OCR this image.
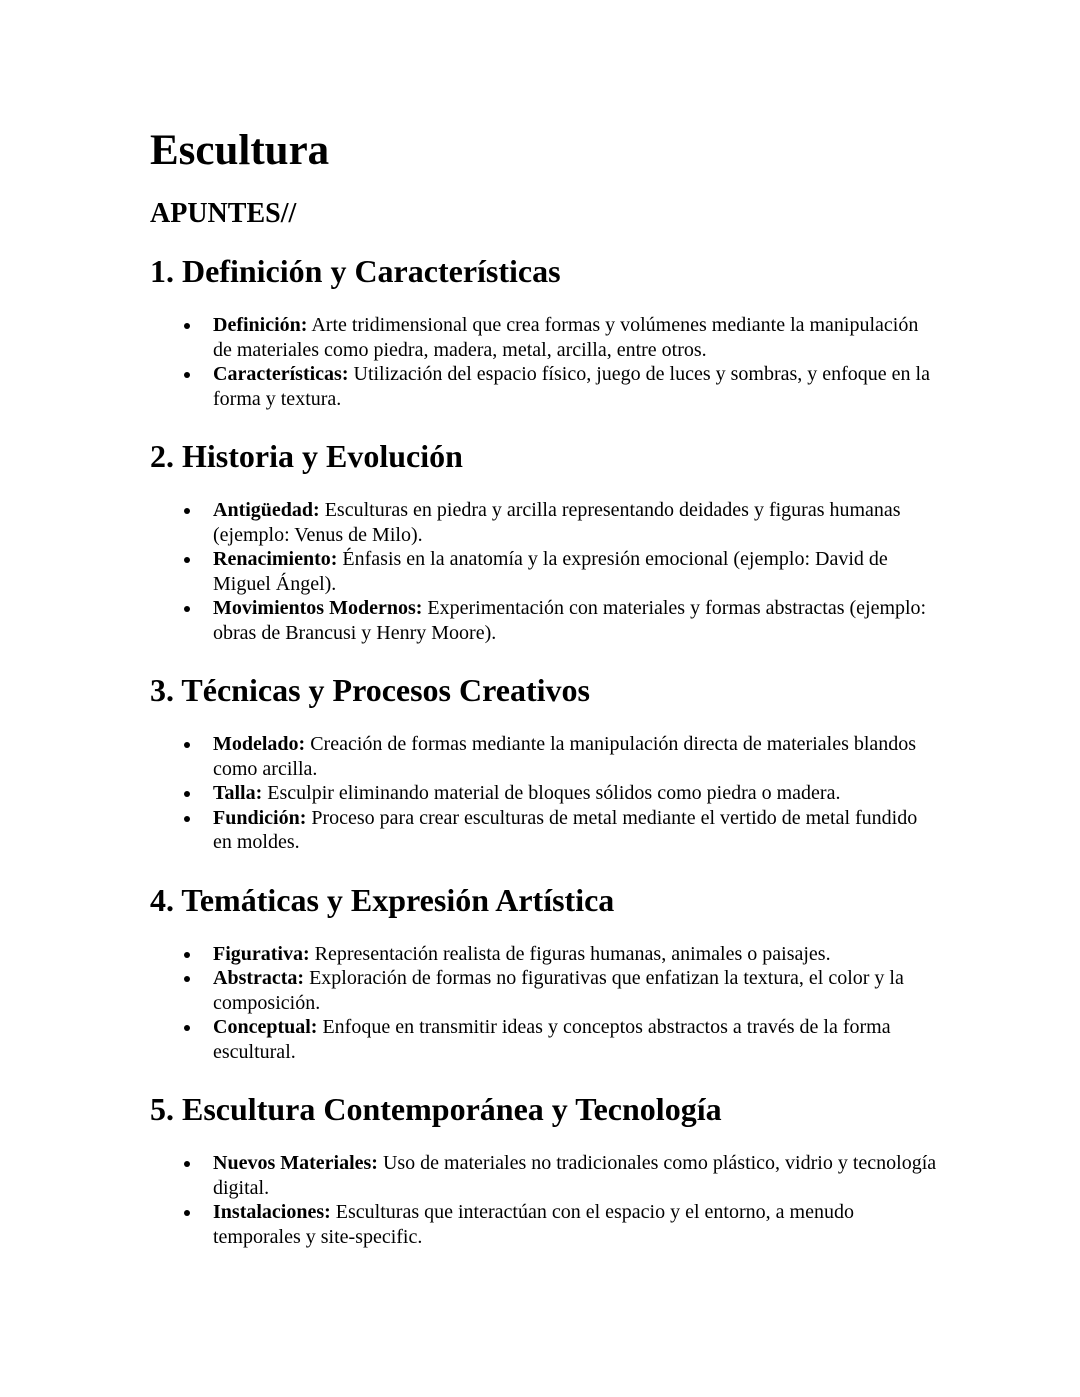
Escultura
APUNTES//
1. Definición y Características
Definición: Arte tridimensional que crea formas y volúmenes mediante la manipulación de materiales como piedra, madera, metal, arcilla, entre otros.
Características: Utilización del espacio físico, juego de luces y sombras, y enfoque en la forma y textura.
2. Historia y Evolución
Antigüedad: Esculturas en piedra y arcilla representando deidades y figuras humanas (ejemplo: Venus de Milo).
Renacimiento: Énfasis en la anatomía y la expresión emocional (ejemplo: David de Miguel Ángel).
Movimientos Modernos: Experimentación con materiales y formas abstractas (ejemplo: obras de Brancusi y Henry Moore).
3. Técnicas y Procesos Creativos
Modelado: Creación de formas mediante la manipulación directa de materiales blandos como arcilla.
Talla: Esculpir eliminando material de bloques sólidos como piedra o madera.
Fundición: Proceso para crear esculturas de metal mediante el vertido de metal fundido en moldes.
4. Temáticas y Expresión Artística
Figurativa: Representación realista de figuras humanas, animales o paisajes.
Abstracta: Exploración de formas no figurativas que enfatizan la textura, el color y la composición.
Conceptual: Enfoque en transmitir ideas y conceptos abstractos a través de la forma escultural.
5. Escultura Contemporánea y Tecnología
Nuevos Materiales: Uso de materiales no tradicionales como plástico, vidrio y tecnología digital.
Instalaciones: Esculturas que interactúan con el espacio y el entorno, a menudo temporales y site-specific.
